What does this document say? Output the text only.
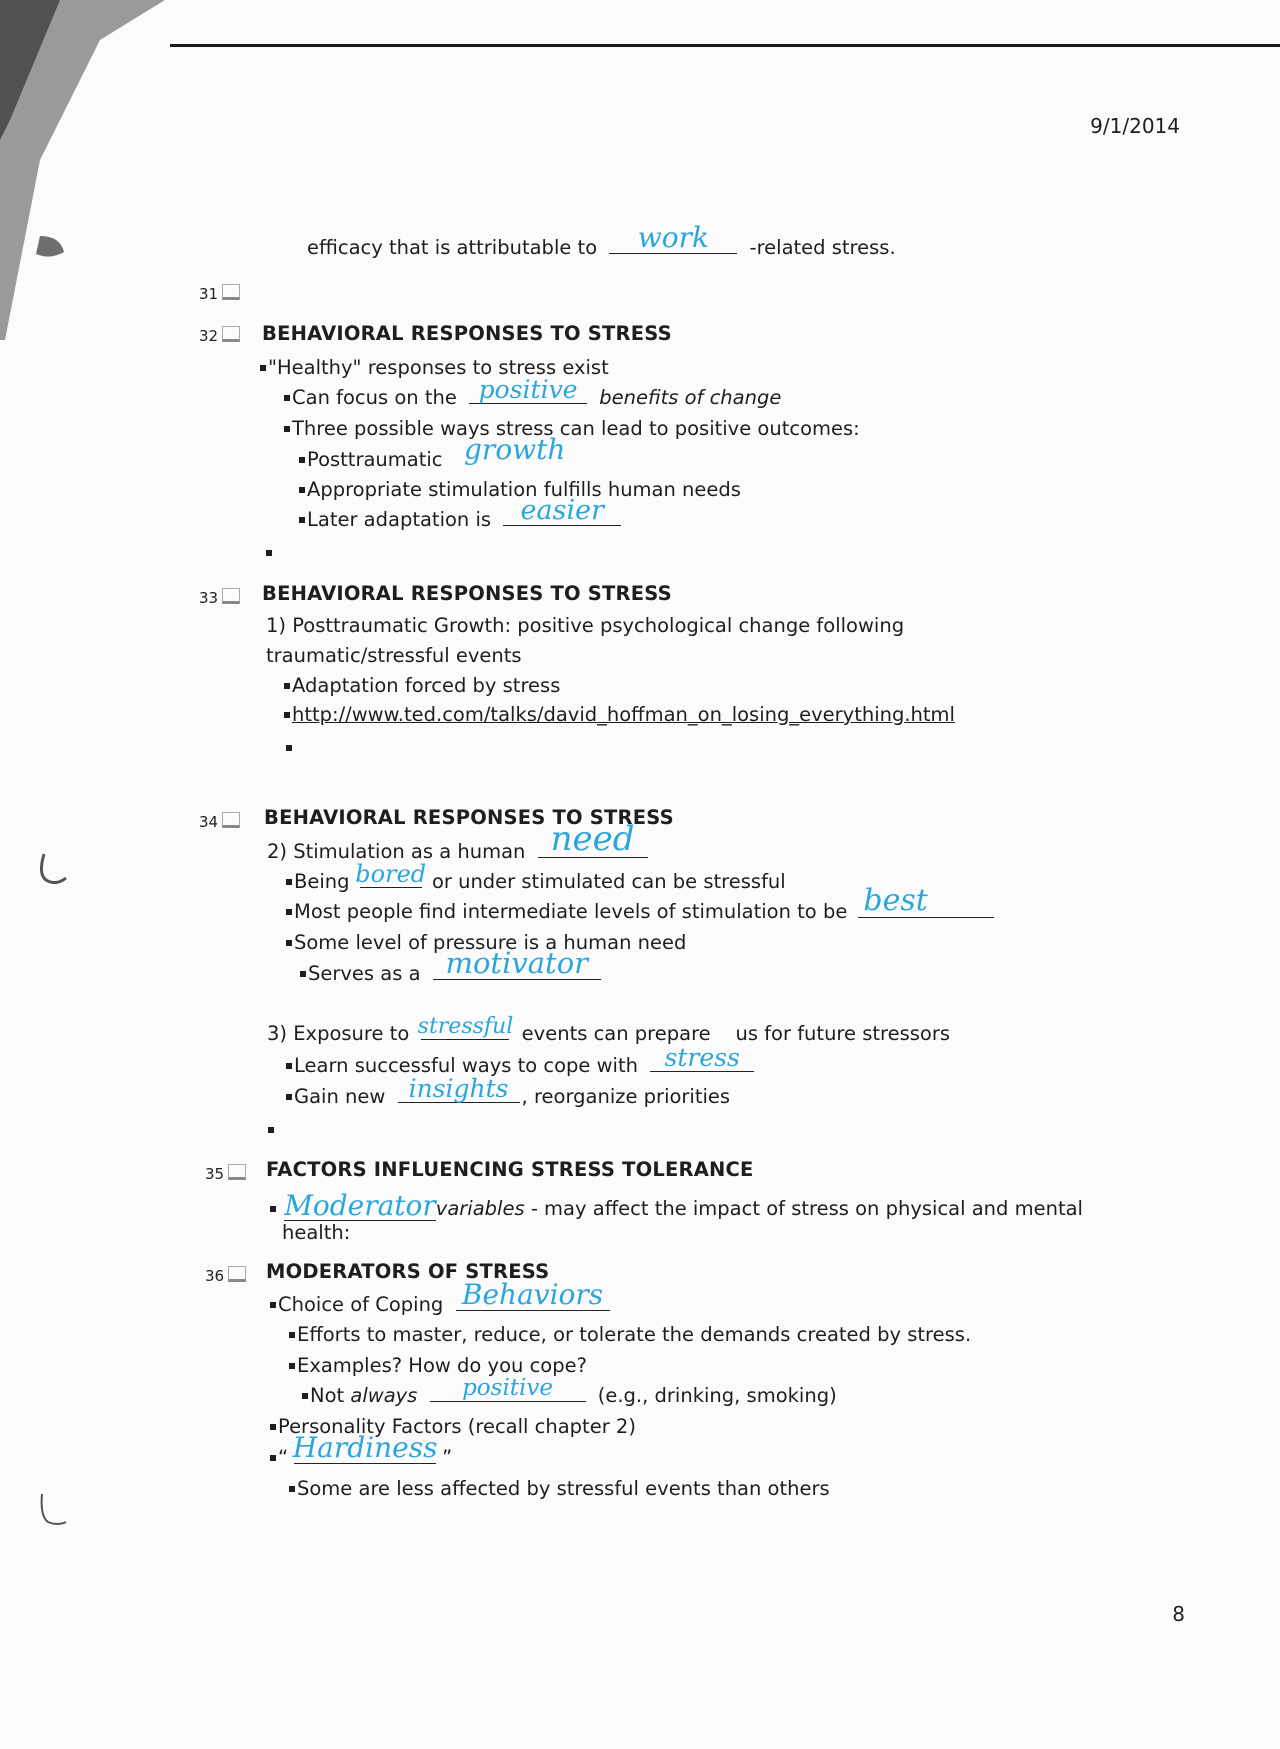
9/1/2014
efficacy that is attributable to work -related stress.
31
32	BEHAVIORAL RESPONSES TO STRESS
"Healthy" responses to stress exist
Can focus on the positive benefits of change
Three possible ways stress can lead to positive outcomes:
Posttraumatic growth
Appropriate stimulation fulfills human needs
Later adaptation is easier
33	BEHAVIORAL RESPONSES TO STRESS
1) Posttraumatic Growth: positive psychological change following
traumatic/stressful events
Adaptation forced by stress
http://www.ted.com/talks/david_hoffman_on_losing_everything.html
34	BEHAVIORAL RESPONSES TO STRESS
2) Stimulation as a human need
Being bored or under stimulated can be stressful
Most people find intermediate levels of stimulation to be best
Some level of pressure is a human need
Serves as a motivator
3) Exposure to stressful events can prepare    us for future stressors
Learn successful ways to cope with stress
Gain new insights , reorganize priorities
35	FACTORS INFLUENCING STRESS TOLERANCE
Moderatorvariables - may affect the impact of stress on physical and mental
health:
36	MODERATORS OF STRESS
Choice of Coping Behaviors
Efforts to master, reduce, or tolerate the demands created by stress.
Examples? How do you cope?
Not always positive (e.g., drinking, smoking)
Personality Factors (recall chapter 2)
“ Hardiness ”
Some are less affected by stressful events than others
8
